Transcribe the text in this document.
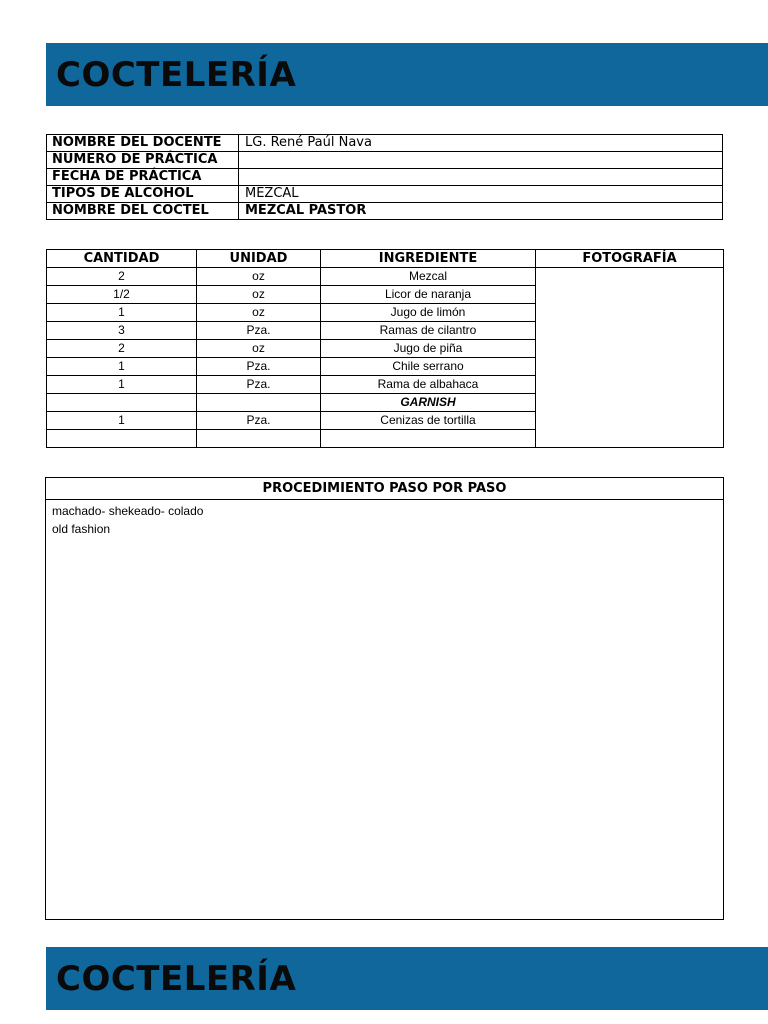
COCTELERÍA
NOMBRE DEL DOCENTE	LG. René Paúl Nava
NUMERO DE PRÁCTICA	
FECHA DE PRÁCTICA	
TIPOS DE ALCOHOL	MEZCAL
NOMBRE DEL COCTEL	MEZCAL PASTOR
CANTIDAD	UNIDAD	INGREDIENTE	FOTOGRAFÍA
2	oz	Mezcal	
1/2	oz	Licor de naranja	
1	oz	Jugo de limón	
3	Pza.	Ramas de cilantro	
2	oz	Jugo de piña	
1	Pza.	Chile serrano	
1	Pza.	Rama de albahaca	
		GARNISH	
1	Pza.	Cenizas de tortilla	

PROCEDIMIENTO PASO POR PASO
machado- shekeado- colado
old fashion
COCTELERÍA
